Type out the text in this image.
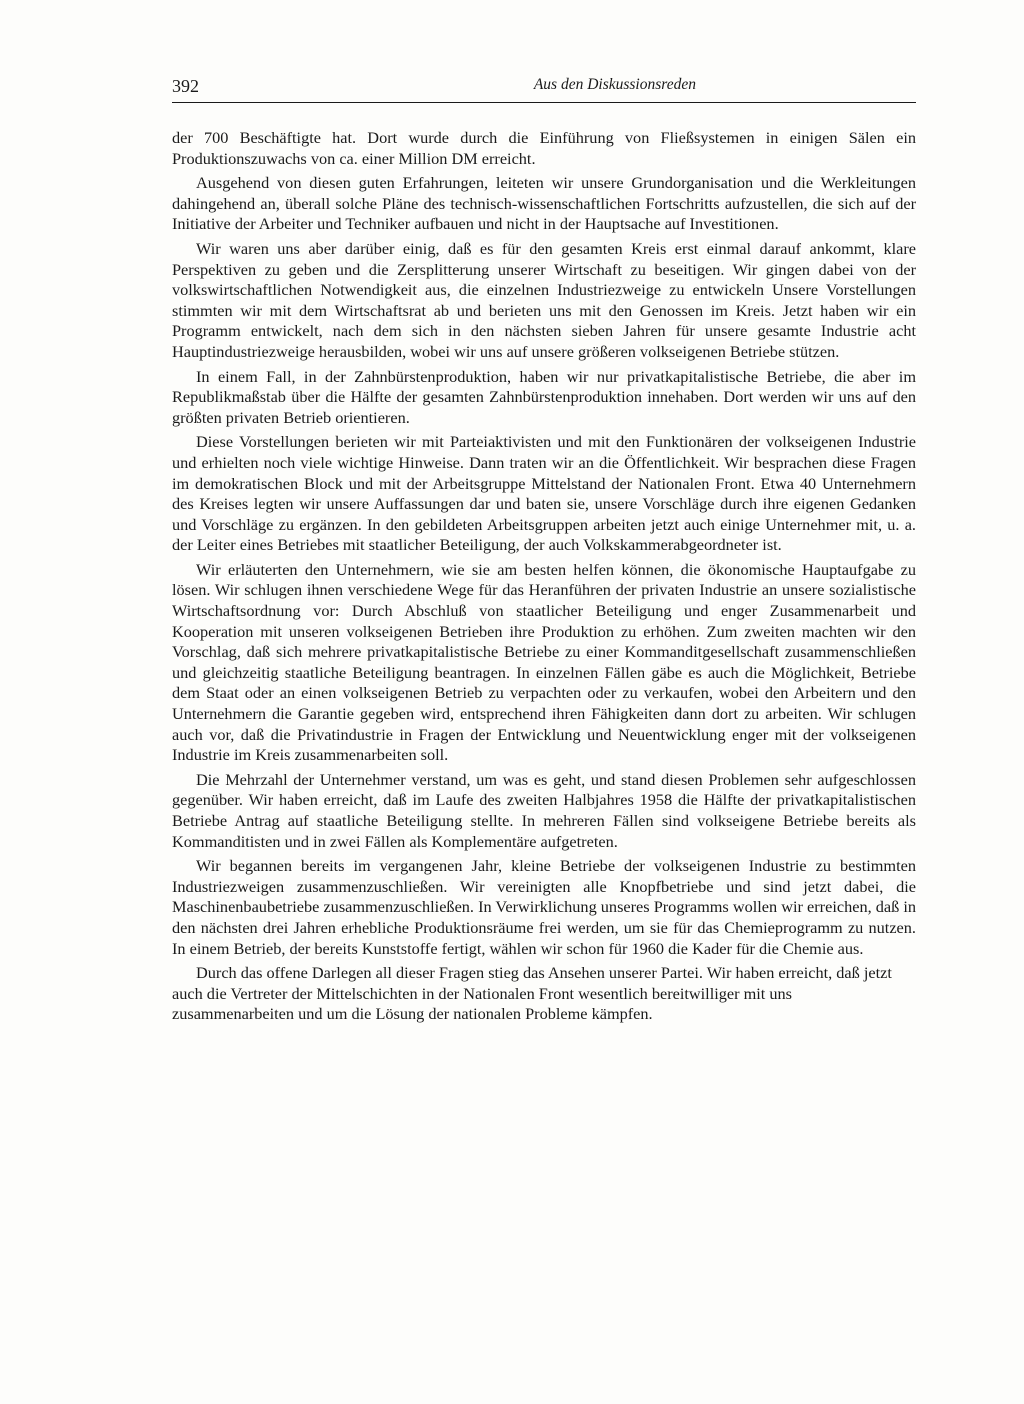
392	Aus den Diskussionsreden

der 700 Beschäftigte hat. Dort wurde durch die Einführung von Fließsystemen in einigen Sälen ein Produktionszuwachs von ca. einer Million DM erreicht.

Ausgehend von diesen guten Erfahrungen, leiteten wir unsere Grundorganisation und die Werkleitungen dahingehend an, überall solche Pläne des technisch-wissenschaftlichen Fortschritts aufzustellen, die sich auf der Initiative der Arbeiter und Techniker aufbauen und nicht in der Hauptsache auf Investitionen.

Wir waren uns aber darüber einig, daß es für den gesamten Kreis erst einmal darauf ankommt, klare Perspektiven zu geben und die Zersplitterung unserer Wirtschaft zu beseitigen. Wir gingen dabei von der volkswirtschaftlichen Notwendigkeit aus, die einzelnen Industriezweige zu entwickeln Unsere Vorstellungen stimmten wir mit dem Wirtschaftsrat ab und berieten uns mit den Genossen im Kreis. Jetzt haben wir ein Programm entwickelt, nach dem sich in den nächsten sieben Jahren für unsere gesamte Industrie acht Hauptindustriezweige herausbilden, wobei wir uns auf unsere größeren volkseigenen Betriebe stützen.

In einem Fall, in der Zahnbürstenproduktion, haben wir nur privatkapitalistische Betriebe, die aber im Republikmaßstab über die Hälfte der gesamten Zahnbürstenproduktion innehaben. Dort werden wir uns auf den größten privaten Betrieb orientieren.

Diese Vorstellungen berieten wir mit Parteiaktivisten und mit den Funktionären der volkseigenen Industrie und erhielten noch viele wichtige Hinweise. Dann traten wir an die Öffentlichkeit. Wir besprachen diese Fragen im demokratischen Block und mit der Arbeitsgruppe Mittelstand der Nationalen Front. Etwa 40 Unternehmern des Kreises legten wir unsere Auffassungen dar und baten sie, unsere Vorschläge durch ihre eigenen Gedanken und Vorschläge zu ergänzen. In den gebildeten Arbeitsgruppen arbeiten jetzt auch einige Unternehmer mit, u. a. der Leiter eines Betriebes mit staatlicher Beteiligung, der auch Volkskammerabgeordneter ist.

Wir erläuterten den Unternehmern, wie sie am besten helfen können, die ökonomische Hauptaufgabe zu lösen. Wir schlugen ihnen verschiedene Wege für das Heranführen der privaten Industrie an unsere sozialistische Wirtschaftsordnung vor: Durch Abschluß von staatlicher Beteiligung und enger Zusammenarbeit und Kooperation mit unseren volkseigenen Betrieben ihre Produktion zu erhöhen. Zum zweiten machten wir den Vorschlag, daß sich mehrere privatkapitalistische Betriebe zu einer Kommanditgesellschaft zusammenschließen und gleichzeitig staatliche Beteiligung beantragen. In einzelnen Fällen gäbe es auch die Möglichkeit, Betriebe dem Staat oder an einen volkseigenen Betrieb zu verpachten oder zu verkaufen, wobei den Arbeitern und den Unternehmern die Garantie gegeben wird, entsprechend ihren Fähigkeiten dann dort zu arbeiten. Wir schlugen auch vor, daß die Privatindustrie in Fragen der Entwicklung und Neuentwicklung enger mit der volkseigenen Industrie im Kreis zusammenarbeiten soll.

Die Mehrzahl der Unternehmer verstand, um was es geht, und stand diesen Problemen sehr aufgeschlossen gegenüber. Wir haben erreicht, daß im Laufe des zweiten Halbjahres 1958 die Hälfte der privatkapitalistischen Betriebe Antrag auf staatliche Beteiligung stellte. In mehreren Fällen sind volkseigene Betriebe bereits als Kommanditisten und in zwei Fällen als Komplementäre aufgetreten.

Wir begannen bereits im vergangenen Jahr, kleine Betriebe der volkseigenen Industrie zu bestimmten Industriezweigen zusammenzuschließen. Wir vereinigten alle Knopfbetriebe und sind jetzt dabei, die Maschinenbaubetriebe zusammenzuschließen. In Verwirklichung unseres Programms wollen wir erreichen, daß in den nächsten drei Jahren erhebliche Produktionsräume frei werden, um sie für das Chemieprogramm zu nutzen. In einem Betrieb, der bereits Kunststoffe fertigt, wählen wir schon für 1960 die Kader für die Chemie aus.

Durch das offene Darlegen all dieser Fragen stieg das Ansehen unserer Partei. Wir haben erreicht, daß jetzt auch die Vertreter der Mittelschichten in der Nationalen Front wesentlich bereitwilliger mit uns zusammenarbeiten und um die Lösung der nationalen Probleme kämpfen.
